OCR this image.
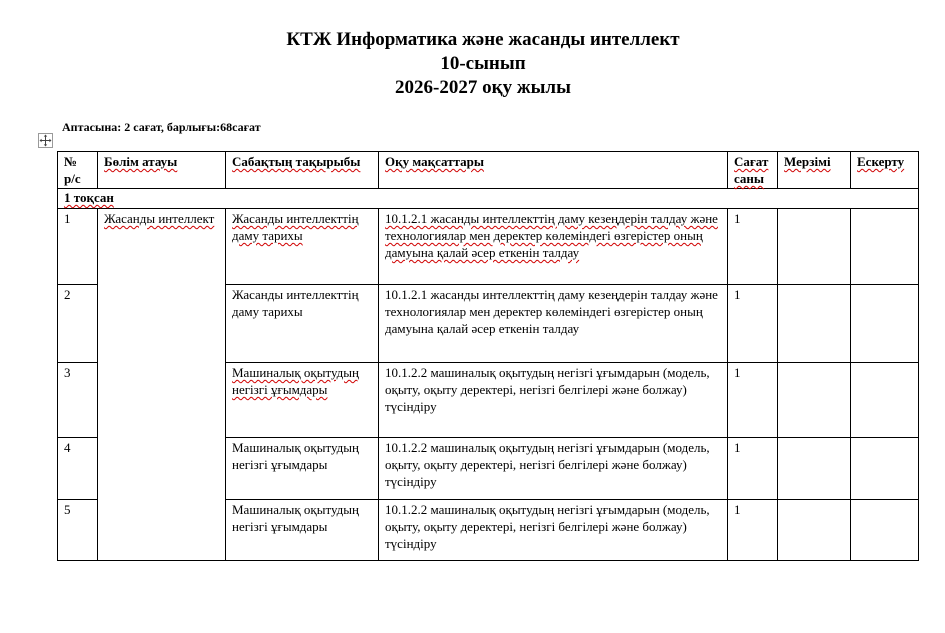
КТЖ Информатика және жасанды интеллект
10-сынып
2026-2027 оқу жылы
Аптасына: 2 сағат, барлығы:68сағат
№ р/с	Бөлім атауы	Сабақтың тақырыбы	Оқу мақсаттары	Сағат саны	Мерзімі	Ескерту
1 тоқсан						
1	Жасанды интеллект	Жасанды интеллекттің даму тарихы	10.1.2.1 жасанды интеллекттің даму кезеңдерін талдау және технологиялар мен деректер көлеміндегі өзгерістер оның дамуына қалай әсер еткенін талдау	1		
2		Жасанды интеллекттің даму тарихы	10.1.2.1 жасанды интеллекттің даму кезеңдерін талдау және технологиялар мен деректер көлеміндегі өзгерістер оның дамуына қалай әсер еткенін талдау	1		
3		Машиналық оқытудың негізгі ұғымдары	10.1.2.2 машиналық оқытудың негізгі ұғымдарын (модель, оқыту, оқыту деректері, негізгі белгілері және болжау) түсіндіру	1		
4		Машиналық оқытудың негізгі ұғымдары	10.1.2.2 машиналық оқытудың негізгі ұғымдарын (модель, оқыту, оқыту деректері, негізгі белгілері және болжау) түсіндіру	1		
5		Машиналық оқытудың негізгі ұғымдары	10.1.2.2 машиналық оқытудың негізгі ұғымдарын (модель, оқыту, оқыту деректері, негізгі белгілері және болжау) түсіндіру	1		
